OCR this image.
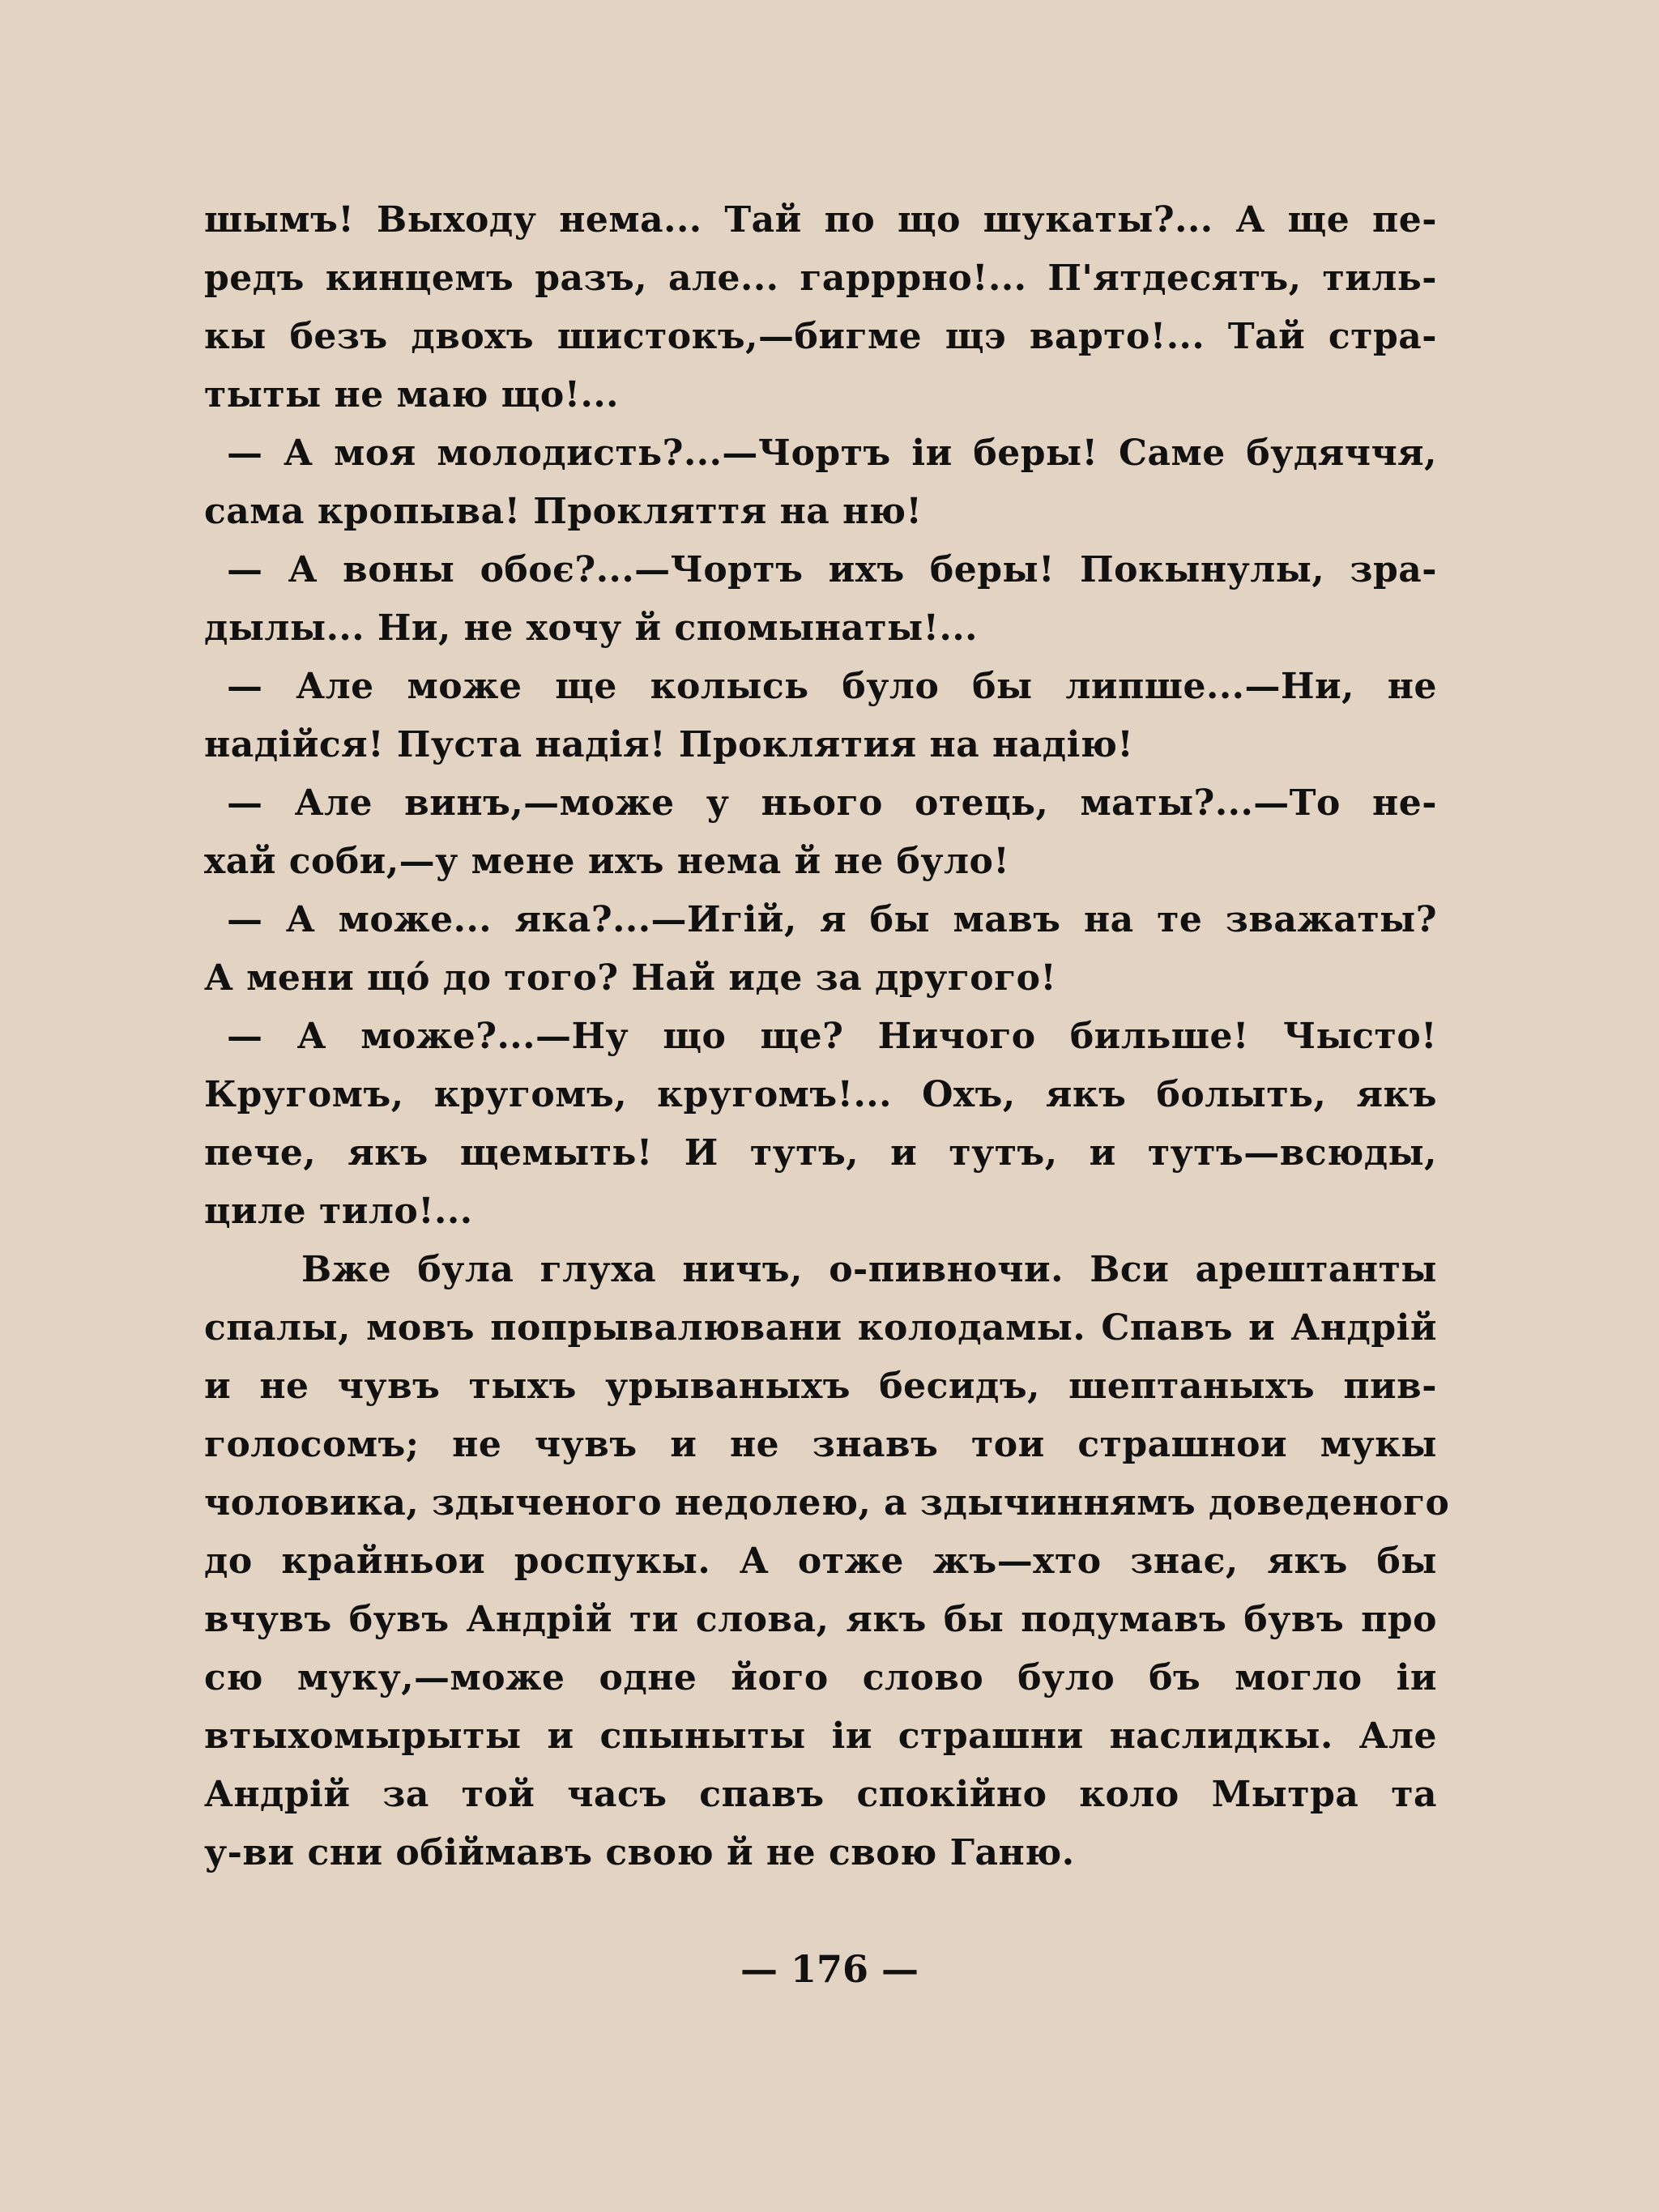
шымъ! Выходу нема... Тай по що шукаты?... А ще пе-
редъ кинцемъ разъ, але... гарррно!... П'ятдесятъ, тиль-
кы безъ двохъ шистокъ,—бигме щэ варто!... Тай стра-
тыты не маю що!...
— А моя молодисть?...—Чортъ іи беры! Саме будяччя,
сама кропыва! Прокляття на ню!
— А воны обоє?...—Чортъ ихъ беры! Покынулы, зра-
дылы... Ни, не хочу й спомынаты!...
— Але може ще колысь було бы липше...—Ни, не
надійся! Пуста надія! Проклятия на надію!
— Але винъ,—може у нього отець, маты?...—То не-
хай соби,—у мене ихъ нема й не було!
— А може... яка?...—Игій, я бы мавъ на те зважаты?
А мени щó до того? Най иде за другого!
— А може?...—Ну що ще? Ничого бильше! Чысто!
Кругомъ, кругомъ, кругомъ!... Охъ, якъ болыть, якъ
пече, якъ щемыть! И тутъ, и тутъ, и тутъ—всюды,
циле тило!...
Вже була глуха ничъ, о-пивночи. Вси арештанты
спалы, мовъ попрывалювани колодамы. Спавъ и Андрій
и не чувъ тыхъ урываныхъ бесидъ, шептаныхъ пив-
голосомъ; не чувъ и не знавъ тои страшнои мукы
чоловика, здыченого недолею, а здычиннямъ доведеного
до крайньои роспукы. А отже жъ—хто знає, якъ бы
вчувъ бувъ Андрій ти слова, якъ бы подумавъ бувъ про
сю муку,—може одне його слово було бъ могло іи
втыхомырыты и спыныты іи страшни наслидкы. Але
Андрій за той часъ спавъ спокійно коло Мытра та
у-ви сни обіймавъ свою й не свою Ганю.
— 176 —
